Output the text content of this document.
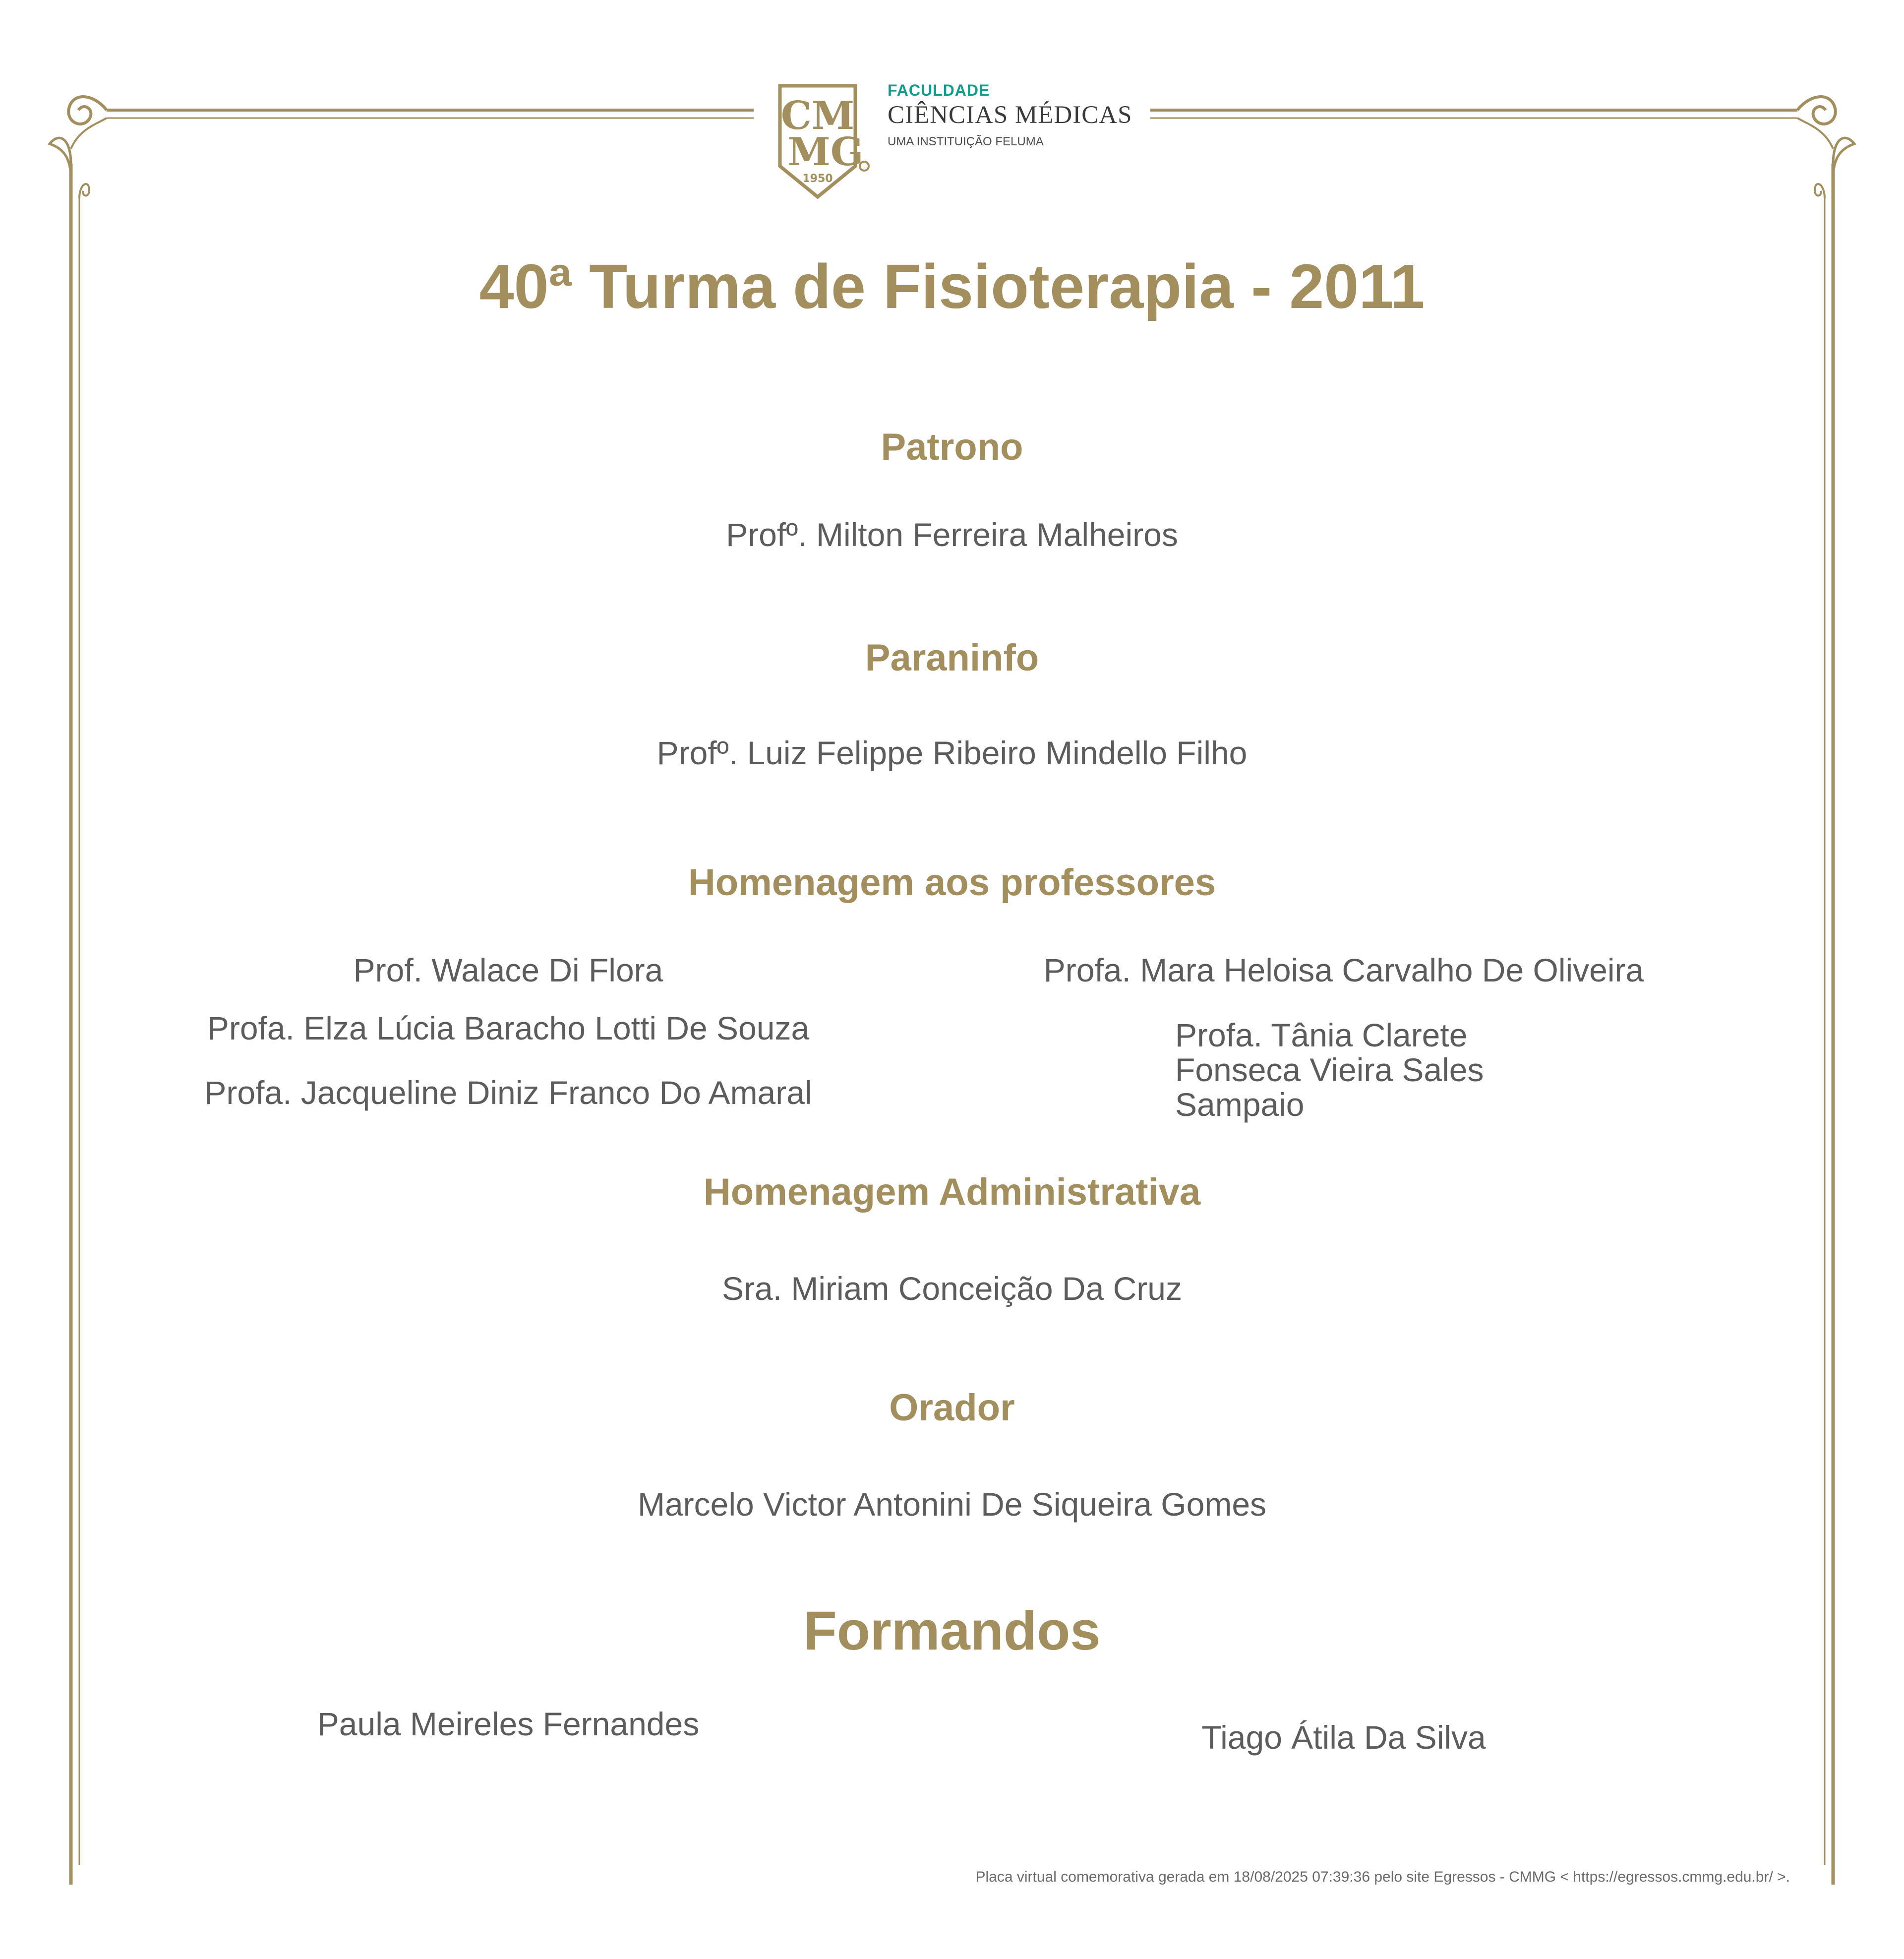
CM
MG
1950
FACULDADE
CIÊNCIAS MÉDICAS
UMA INSTITUIÇÃO FELUMA
40ª Turma de Fisioterapia - 2011
Patrono
Profº. Milton Ferreira Malheiros
Paraninfo
Profº. Luiz Felippe Ribeiro Mindello Filho
Homenagem aos professores
Prof. Walace Di Flora
Profa. Elza Lúcia Baracho Lotti De Souza
Profa. Jacqueline Diniz Franco Do Amaral
Profa. Mara Heloisa Carvalho De Oliveira
Profa. Tânia Clarete Fonseca Vieira Sales Sampaio
Homenagem Administrativa
Sra. Miriam Conceição Da Cruz
Orador
Marcelo Victor Antonini De Siqueira Gomes
Formandos
Paula Meireles Fernandes	Tiago Átila Da Silva
Placa virtual comemorativa gerada em 18/08/2025 07:39:36 pelo site Egressos - CMMG < https://egressos.cmmg.edu.br/ >.
